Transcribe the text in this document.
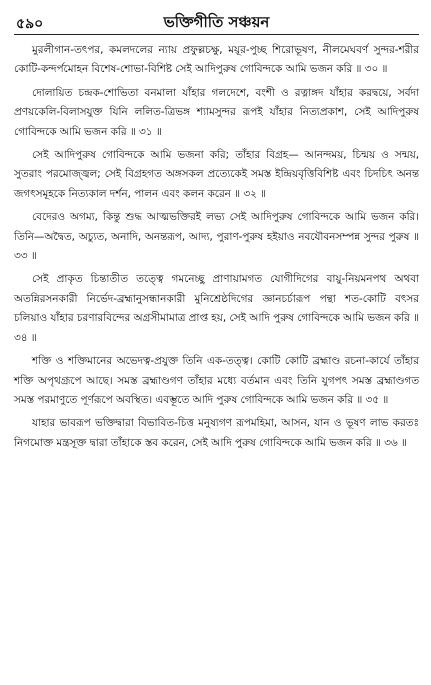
৫৯০	ভক্তিগীতি সঞ্চয়ন

মুরলীগান-তৎপর, কমলদলের ন্যায় প্রফুল্লচক্ষু, ময়ূর-পুচ্ছ শিরোভূষণ, নীলমেঘবর্ণ সুন্দর-শরীর কোটি-কন্দর্পমোহন বিশেষ-শোভা-বিশিষ্ট সেই আদিপুরুষ গোবিন্দকে আমি ভজন করি ॥ ৩০ ॥

দোলায়িত চন্দ্রক-শোভিতা বনমালা যাঁহার গলদেশে, বংশী ও রত্নাঙ্গদ যাঁহার করদ্বয়ে, সর্বদা প্রণয়কেলি-বিলাসযুক্ত যিনি ললিত-ত্রিভঙ্গ শ্যামসুন্দর রূপই যাঁহার নিত্যপ্রকাশ, সেই আদিপুরুষ গোবিন্দকে আমি ভজন করি ॥ ৩১ ॥

সেই আদিপুরুষ গোবিন্দকে আমি ভজনা করি; তাঁহার বিগ্রহ— আনন্দময়, চিন্ময় ও সন্ময়, সুতরাং পরমোজ্জ্বল; সেই বিগ্রহগত অঙ্গসকল প্রত্যেকেই সমস্ত ইন্দ্রিয়বৃত্তিবিশিষ্ট এবং চিদচিৎ অনন্ত জগৎসমূহকে নিত্যকাল দর্শন, পালন এবং কলন করেন ॥ ৩২ ॥

বেদেরও অগম্য, কিন্তু শুদ্ধ আত্মভক্তিরই লভ্য সেই আদিপুরুষ গোবিন্দকে আমি ভজন করি। তিনি—অদ্বৈত, অচ্যুত, অনাদি, অনন্তরূপ, আদ্য, পুরাণ-পুরুষ হইয়াও নবযৌবনসম্পন্ন সুন্দর পুরুষ ॥ ৩৩ ॥

সেই প্রাকৃত চিন্তাতীত তত্ত্বে গমনেচ্ছু প্রাণায়ামগত যোগীদিগের বায়ু-নিয়মনপথ অথবা অতন্নিরসনকারী নির্ভেদ-ব্রহ্মানুসন্ধানকারী মুনিশ্রেষ্ঠদিগের জ্ঞানচর্চারূপ পন্থা শত-কোটি বৎসর চলিয়াও যাঁহার চরণারবিন্দের অগ্রসীমামাত্র প্রাপ্ত হয়, সেই আদি পুরুষ গোবিন্দকে আমি ভজন করি ॥ ৩৪ ॥

শক্তি ও শক্তিমানের অভেদত্ব-প্রযুক্ত তিনি এক-তত্ত্ব। কোটি কোটি ব্রহ্মাণ্ড রচনা-কার্যে তাঁহার শক্তি অপৃথগ্রূপে আছে। সমস্ত ব্রহ্মাণ্ডগণ তাঁহার মধ্যে বর্তমান এবং তিনি যুগপৎ সমস্ত ব্রহ্মাণ্ডগত সমস্ত পরমাণুতে পূর্ণরূপে অবস্থিত। এবম্ভূতে আদি পুরুষ গোবিন্দকে আমি ভজন করি ॥ ৩৫ ॥

যাহার ভাবরূপ ভক্তিদ্বারা বিভাবিত-চিত্ত মনুষ্যগণ রূপমহিমা, আসন, যান ও ভূষণ লাভ করতঃ নিগমোক্ত মন্ত্রসূক্ত দ্বারা তাঁহাকে স্তব করেন, সেই আদি পুরুষ গোবিন্দকে আমি ভজন করি ॥ ৩৬ ॥
